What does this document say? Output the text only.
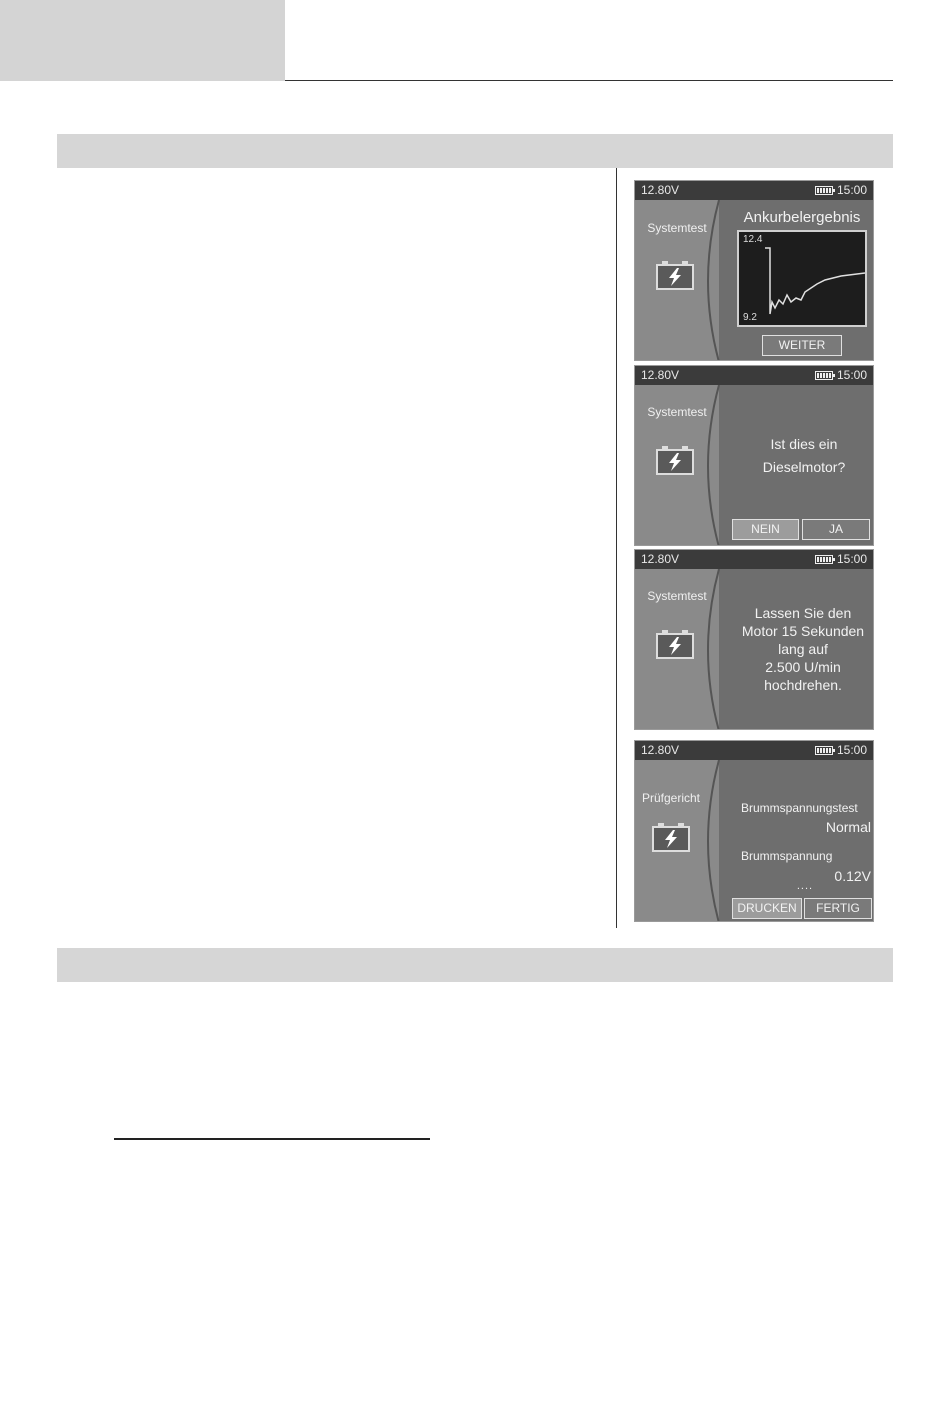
12.80V	15:00
Systemtest
Ankurbelergebnis
12.4
9.2
WEITER
12.80V	15:00
Systemtest
Ist dies ein
Dieselmotor?
NEIN	JA
12.80V	15:00
Systemtest
Lassen Sie den
Motor 15 Sekunden
lang auf
2.500 U/min
hochdrehen.
12.80V	15:00
Prüfgericht
Brummspannungstest
Normal
Brummspannung
0.12V
....
DRUCKEN	FERTIG
